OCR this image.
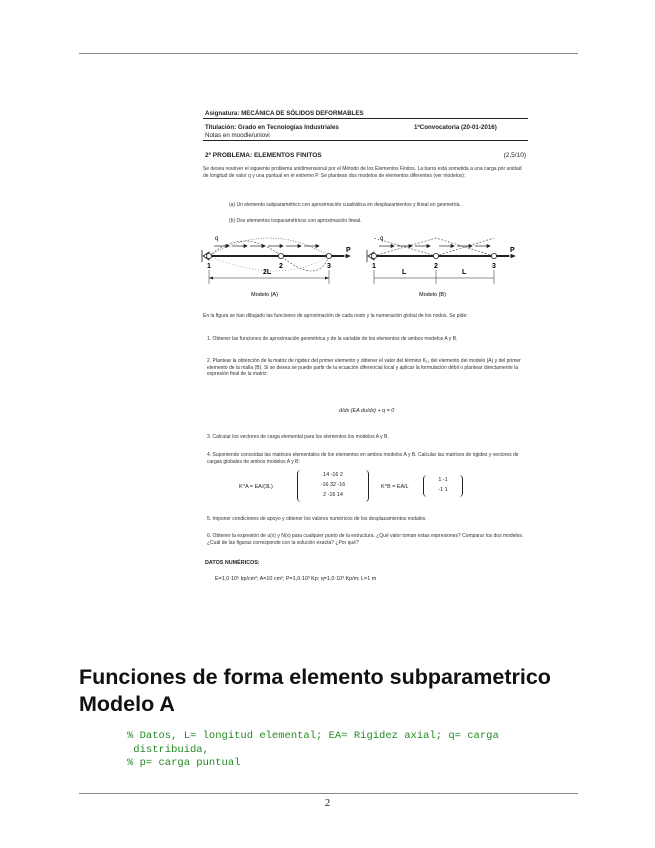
Asignatura: MECÁNICA DE SÓLIDOS DEFORMABLES
Titulación: Grado en Tecnologías Industriales
Notas en moodle/uniovi
1ªConvocatoria (20-01-2016)
2º PROBLEMA: ELEMENTOS FINITOS	(2,5/10)
Se desea resolver el siguiente problema unidimensional por el Método de los Elementos Finitos. La barra está sometida a una carga por unidad de longitud de valor q y una puntual en el extremo P. Se plantean dos modelos de elementos diferentes (ver modelos):
(a) Un elemento subparamétrico con aproximación cuadrática en desplazamientos y lineal en geometría.
(b) Dos elementos isoparamétricos con aproximación lineal.
q
P
1	2	3
2L
Modelo (A)
q
P
1	2	3
L	L
Modelo (B)
En la figura se han dibujado las funciones de aproximación de cada nodo y la numeración global de los nodos. Se pide:
1. Obtener las funciones de aproximación geométrica y de la variable de los elementos de ambos modelos A y B.
2. Plantear la obtención de la matriz de rigidez del primer elemento y obtener el valor del término K₁₁ del elemento del modelo (A) y del primer elemento de la malla (B). Si se desea se puede partir de la ecuación diferencial local y aplicar la formulación débil o plantear directamente la expresión final de la matriz:
d/dx (EA du/dx) + q = 0
3. Calcular los vectores de carga elemental para los elementos los modelos A y B.
4. Suponiendo conocidas las matrices elementales de los elementos en ambos modelos A y B. Calcular las matrices de rigidez y vectores de cargas globales de ambos modelos A y B:
K^A = EA/(3L)
14 -16 2
-16 32 -16
2 -16 14
K^B = EA/L
1 -1
-1 1
5. Imponer condiciones de apoyo y obtener los valores numéricos de los desplazamientos nodales.
6. Obtener la expresión de u(x) y N(x) para cualquier punto de la estructura. ¿Qué valor toman estas expresiones? Comparar los dos modelos. ¿Cuál de las figuras corresponde con la solución exacta? ¿Por qué?
DATOS NUMÉRICOS:
E=1,0·10⁵ kp/cm²; A=10 cm²; P=1,0·10³ Kp; q=1,0·10³ Kp/m; L=1 m
Funciones de forma elemento subparametrico Modelo A
% Datos, L= longitud elemental; EA= Rigidez axial; q= carga
distribuida,
% p= carga puntual
2
